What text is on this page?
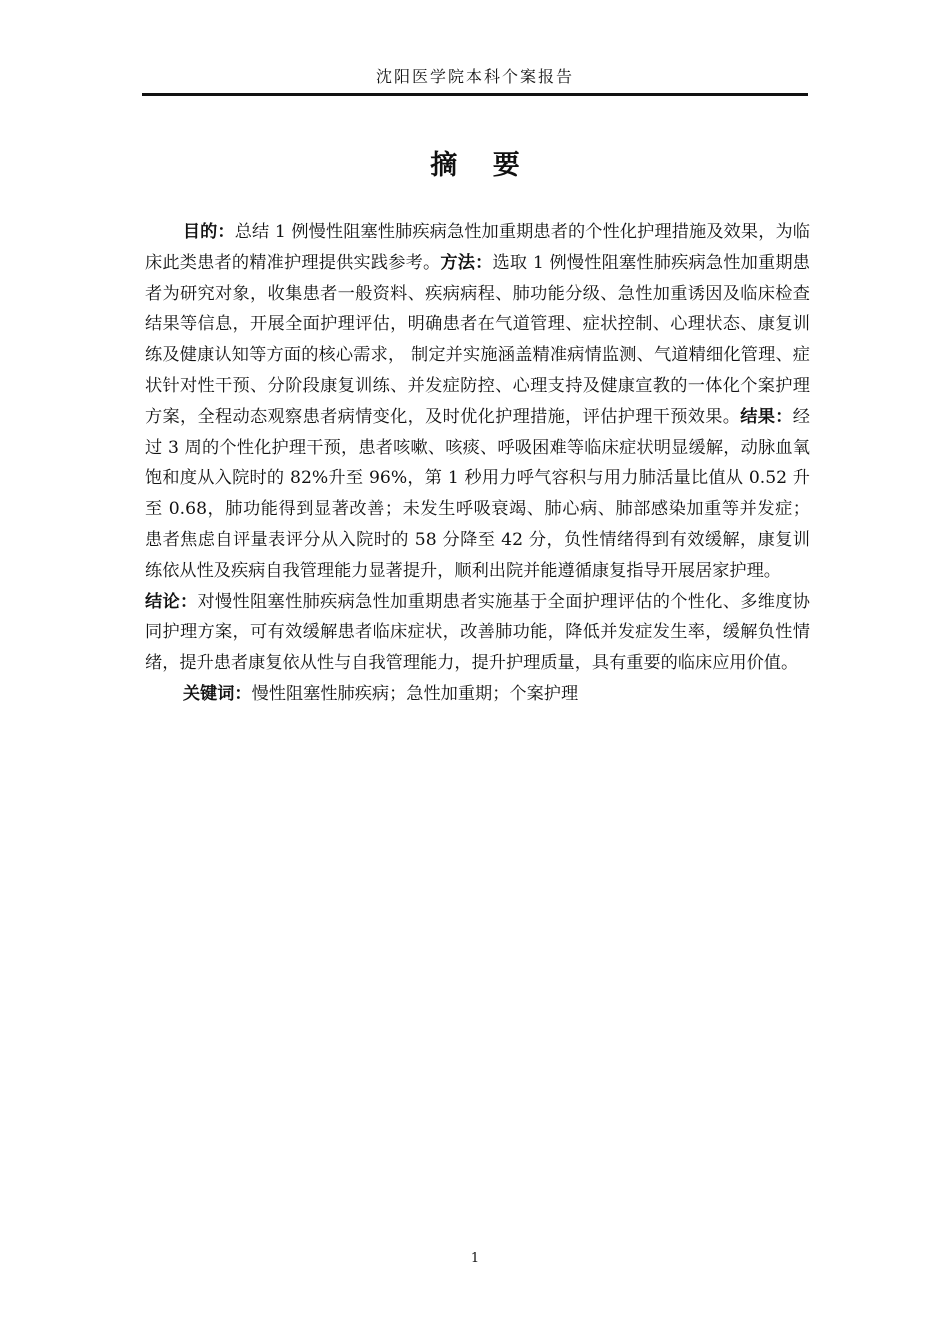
沈阳医学院本科个案报告
摘 要

目的：总结 1 例慢性阻塞性肺疾病急性加重期患者的个性化护理措施及效果，为临床此类患者的精准护理提供实践参考。方法：选取 1 例慢性阻塞性肺疾病急性加重期患者为研究对象，收集患者一般资料、疾病病程、肺功能分级、急性加重诱因及临床检查结果等信息，开展全面护理评估，明确患者在气道管理、症状控制、心理状态、康复训练及健康认知等方面的核心需求， 制定并实施涵盖精准病情监测、气道精细化管理、症状针对性干预、分阶段康复训练、并发症防控、心理支持及健康宣教的一体化个案护理方案，全程动态观察患者病情变化，及时优化护理措施，评估护理干预效果。结果：经过 3 周的个性化护理干预，患者咳嗽、咳痰、呼吸困难等临床症状明显缓解，动脉血氧饱和度从入院时的 82%升至 96%，第 1 秒用力呼气容积与用力肺活量比值从 0.52 升至 0.68，肺功能得到显著改善；未发生呼吸衰竭、肺心病、肺部感染加重等并发症； 患者焦虑自评量表评分从入院时的 58 分降至 42 分，负性情绪得到有效缓解，康复训练依从性及疾病自我管理能力显著提升，顺利出院并能遵循康复指导开展居家护理。

结论：对慢性阻塞性肺疾病急性加重期患者实施基于全面护理评估的个性化、多维度协同护理方案，可有效缓解患者临床症状，改善肺功能，降低并发症发生率，缓解负性情绪，提升患者康复依从性与自我管理能力，提升护理质量，具有重要的临床应用价值。

关键词：慢性阻塞性肺疾病；急性加重期；个案护理

1
